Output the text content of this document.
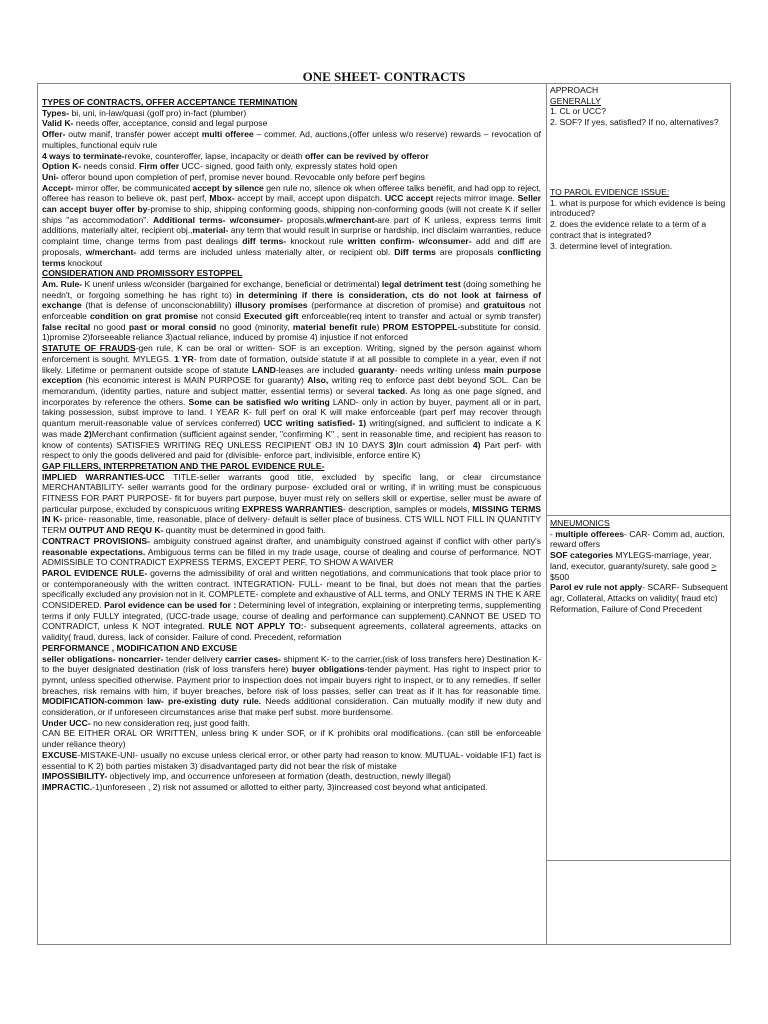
ONE SHEET- CONTRACTS

TYPES OF CONTRACTS, OFFER ACCEPTANCE TERMINATION

Types- bi, uni, in-law/quasi (golf pro) in-fact (plumber)

Valid K- needs offer, acceptance, consid and legal purpose

Offer- outw manif, transfer power accept multi offeree – commer. Ad, auctions,(offer unless w/o reserve) rewards – revocation of multiples, functional equiv rule

4 ways to terminate-revoke, counteroffer, lapse, incapacity or death offer can be revived by offeror

Option K- needs consid. Firm offer UCC- signed, good faith only, expressly states hold open

Uni- offeror bound upon completion of perf, promise never bound. Revocable only before perf begins

Accept- mirror offer, be communicated accept by silence gen rule no, silence ok when offeree talks benefit, and had opp to reject, offeree has reason to believe ok, past perf, Mbox- accept by mail, accept upon dispatch. UCC accept rejects mirror image. Seller can accept buyer offer by-promise to ship, shipping conforming goods, shipping non-conforming goods (will not create K if seller ships "as accommodation". Additional terms- w/consumer- proposals,w/merchant-are part of K unless, express terms limit additions, materially alter, recipient obj.,material- any term that would result in surprise or hardship, incl disclaim warranties, reduce complaint time, change terms from past dealings diff terms- knockout rule written confirm- w/consumer- add and diff are proposals, w/merchant- add terms are included unless materially alter, or recipient obl. Diff terms are proposals conflicting terms knockout

CONSIDERATION AND PROMISSORY ESTOPPEL

Am. Rule- K unenf unless w/consider (bargained for exchange, beneficial or detrimental) legal detriment test (doing something he needn't, or forgoing something he has right to) in determining if there is consideration, cts do not look at fairness of exchange (that is defense of unconscionablility) illusory promises (performance at discretion of promise) and gratuitous not enforceable condition on grat promise not consid Executed gift enforceable(req intent to transfer and actual or symb transfer) false recital no good past or moral consid no good (minority, material benefit rule) PROM ESTOPPEL-substitute for consid. 1)promise 2)forseeable reliance 3)actual reliance, induced by promise 4) injustice if not enforced

STATUTE OF FRAUDS-gen rule, K can be oral or written- SOF is an exception. Writing, signed by the person against whom enforcement is sought. MYLEGS. 1 YR- from date of formation, outside statute if at all possible to complete in a year, even if not likely. Lifetime or permanent outside scope of statute LAND-leases are included guaranty- needs writing unless main purpose exception (his economic interest is MAIN PURPOSE for guaranty) Also, writing req to enforce past debt beyond SOL. Can be memorandum, (identity parties, nature and subject matter, essential terms) or several tacked. As long as one page signed, and incorporates by reference the others. Some can be satisfied w/o writing LAND- only in action by buyer, payment all or in part, taking possession, subst improve to land. I YEAR K- full perf on oral K will make enforceable (part perf may recover through quantum meruit-reasonable value of services conferred) UCC writing satisfied- 1) writing(signed, and sufficient to indicate a K was made 2)Merchant confirmation (sufficient against sender, "confirming K" , sent in reasonable time, and recipient has reason to know of contents) SATISFIES WRITING REQ UNLESS RECIPIENT OBJ IN 10 DAYS 3)In court admission 4) Part perf- with respect to only the goods delivered and paid for (divisible- enforce part, indivisible, enforce entire K)

GAP FILLERS, INTERPRETATION AND THE PAROL EVIDENCE RULE-

IMPLIED WARRANTIES-UCC TITLE-seller warrants good title, excluded by specific lang, or clear circumstance MERCHANTABILITY- seller warrants good for the ordinary purpose- excluded oral or writing, if in writing must be conspicuous FITNESS FOR PART PURPOSE- fit for buyers part purpose, buyer must rely on sellers skill or expertise, seller must be aware of particular purpose, excluded by conspicuous writing EXPRESS WARRANTIES- description, samples or models, MISSING TERMS IN K- price- reasonable, time, reasonable, place of delivery- default is seller place of business. CTS WILL NOT FILL IN QUANTITY TERM OUTPUT AND REQU K- quantity must be determined in good faith.

CONTRACT PROVISIONS- ambiguity construed against drafter, and unambiguity construed against if conflict with other party's reasonable expectations. Ambiguous terms can be filled in my trade usage, course of dealing and course of performance. NOT ADMISSIBLE TO CONTRADICT EXPRESS TERMS, EXCEPT PERF, TO SHOW A WAIVER

PAROL EVIDENCE RULE- governs the admissibility of oral and written negotiations, and communications that took place prior to or contemporaneously with the written contract. INTEGRATION- FULL- meant to be final, but does not mean that the parties specifically excluded any provision not in it. COMPLETE- complete and exhaustive of ALL terms, and ONLY TERMS IN THE K ARE CONSIDERED. Parol evidence can be used for : Determining level of integration, explaining or interpreting terms, supplementing terms if only FULLY integrated, (UCC-trade usage, course of dealing and performance can supplement).CANNOT BE USED TO CONTRADICT, unless K NOT integrated. RULE NOT APPLY TO:- subsequent agreements, collateral agreements, attacks on validity( fraud, duress, lack of consider. Failure of cond. Precedent, reformation

PERFORMANCE , MODIFICATION AND EXCUSE

seller obligations- noncarrier- tender delivery carrier cases- shipment K- to the carrier,(risk of loss transfers here) Destination K- to the buyer designated destination (risk of loss transfers here) buyer obligations-tender payment. Has right to inspect prior to pymnt, unless specified otherwise. Payment prior to inspection does not impair buyers right to inspect, or to any remedies. If seller breaches, risk remains with him, if buyer breaches, before risk of loss passes, seller can treat as if it has for reasonable time. MODIFICATION-common law- pre-existing duty rule. Needs additional consideration. Can mutually modify if new duty and consideration, or if unforeseen circumstances arise that make perf subst. more burdensome.

Under UCC- no new consideration req, just good faith.

CAN BE EITHER ORAL OR WRITTEN, unless bring K under SOF, or if K prohibits oral modifications. (can still be enforceable under reliance theory)

EXCUSE-MISTAKE-UNI- usually no excuse unless clerical error, or other party had reason to know. MUTUAL- voidable IF1) fact is essential to K 2) both parties mistaken 3) disadvantaged party did not bear the risk of mistake

IMPOSSIBILITY- objectively imp, and occurrence unforeseen at formation (death, destruction, newly illegal)

IMPRACTIC.-1)unforeseen , 2) risk not assumed or allotted to either party, 3)increased cost beyond what anticipated.

APPROACH

GENERALLY

1. CL or UCC?

2. SOF? If yes, satisfied? If no, alternatives?

TO PAROL EVIDENCE ISSUE:

1. what is purpose for which evidence is being introduced?

2. does the evidence relate to a term of a contract that is integrated?

3. determine level of integration.

MNEUMONICS

- multiple offerees- CAR- Comm ad, auction, reward offers

SOF categories MYLEGS-marriage, year, land, executor, guaranty/surety, sale good > $500

Parol ev rule not apply- SCARF- Subsequent agr, Collateral, Attacks on validity( fraud etc) Reformation, Failure of Cond Precedent
